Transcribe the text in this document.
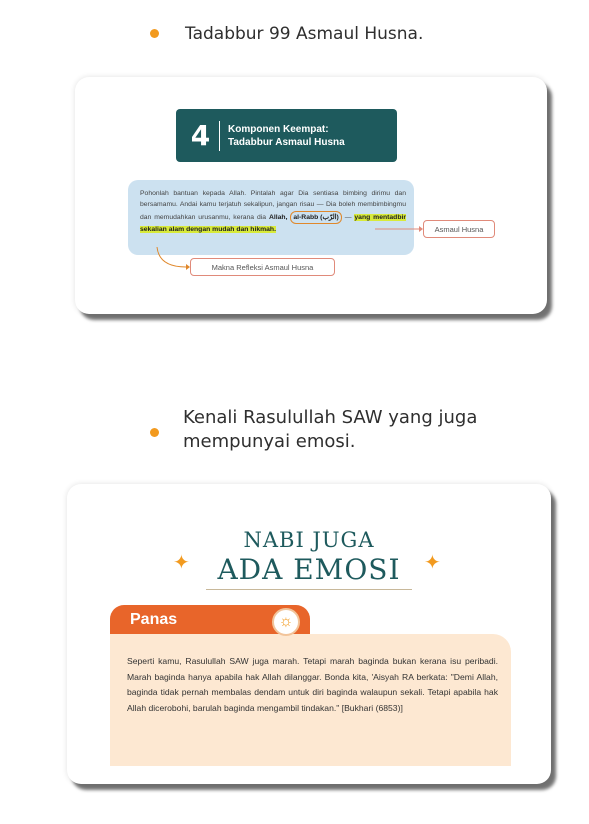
Tadabbur 99 Asmaul Husna.
4	Komponen Keempat:
Tadabbur Asmaul Husna
Pohonlah bantuan kepada Allah. Pintalah agar Dia sentiasa bimbing dirimu dan bersamamu. Andai kamu terjatuh sekalipun, jangan risau — Dia boleh membimbingmu dan memudahkan urusanmu, kerana dia Allah, al-Rabb (الرّب) — yang mentadbir sekalian alam dengan mudah dan hikmah.	Asmaul Husna
Makna Refleksi Asmaul Husna
Kenali Rasulullah SAW yang juga mempunyai emosi.
✦
NABI JUGA
ADA EMOSI	✦
Panas
Seperti kamu, Rasulullah SAW juga marah. Tetapi marah baginda bukan kerana isu peribadi. Marah baginda hanya apabila hak Allah dilanggar. Bonda kita, 'Aisyah RA berkata: "Demi Allah, baginda tidak pernah membalas dendam untuk diri baginda walaupun sekali. Tetapi apabila hak Allah dicerobohi, barulah baginda mengambil tindakan." [Bukhari (6853)]
☼
